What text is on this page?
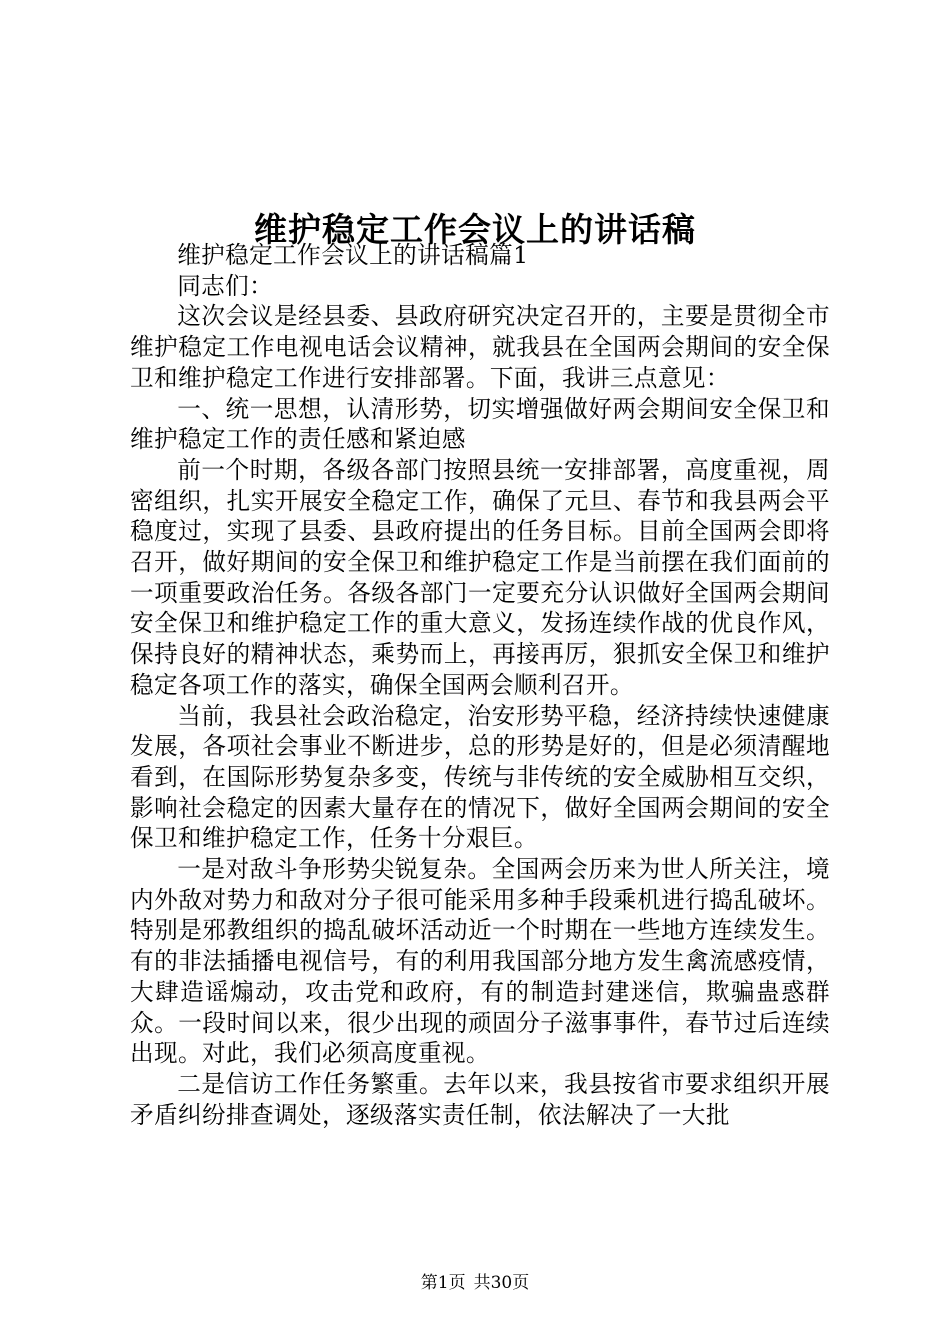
维护稳定工作会议上的讲话稿

维护稳定工作会议上的讲话稿篇1

同志们：

这次会议是经县委、县政府研究决定召开的，主要是贯彻全市维护稳定工作电视电话会议精神，就我县在全国两会期间的安全保卫和维护稳定工作进行安排部署。下面，我讲三点意见：

一、统一思想，认清形势，切实增强做好两会期间安全保卫和维护稳定工作的责任感和紧迫感

前一个时期，各级各部门按照县统一安排部署，高度重视，周密组织，扎实开展安全稳定工作，确保了元旦、春节和我县两会平稳度过，实现了县委、县政府提出的任务目标。目前全国两会即将召开，做好期间的安全保卫和维护稳定工作是当前摆在我们面前的一项重要政治任务。各级各部门一定要充分认识做好全国两会期间安全保卫和维护稳定工作的重大意义，发扬连续作战的优良作风，保持良好的精神状态，乘势而上，再接再厉，狠抓安全保卫和维护稳定各项工作的落实，确保全国两会顺利召开。

当前，我县社会政治稳定，治安形势平稳，经济持续快速健康发展，各项社会事业不断进步，总的形势是好的，但是必须清醒地看到，在国际形势复杂多变，传统与非传统的安全威胁相互交织，影响社会稳定的因素大量存在的情况下，做好全国两会期间的安全保卫和维护稳定工作，任务十分艰巨。

一是对敌斗争形势尖锐复杂。全国两会历来为世人所关注，境内外敌对势力和敌对分子很可能采用多种手段乘机进行捣乱破坏。特别是邪教组织的捣乱破坏活动近一个时期在一些地方连续发生。有的非法插播电视信号，有的利用我国部分地方发生禽流感疫情，大肆造谣煽动，攻击党和政府，有的制造封建迷信，欺骗蛊惑群众。一段时间以来，很少出现的顽固分子滋事事件，春节过后连续出现。对此，我们必须高度重视。

二是信访工作任务繁重。去年以来，我县按省市要求组织开展矛盾纠纷排查调处，逐级落实责任制，依法解决了一大批

第1页 共30页
